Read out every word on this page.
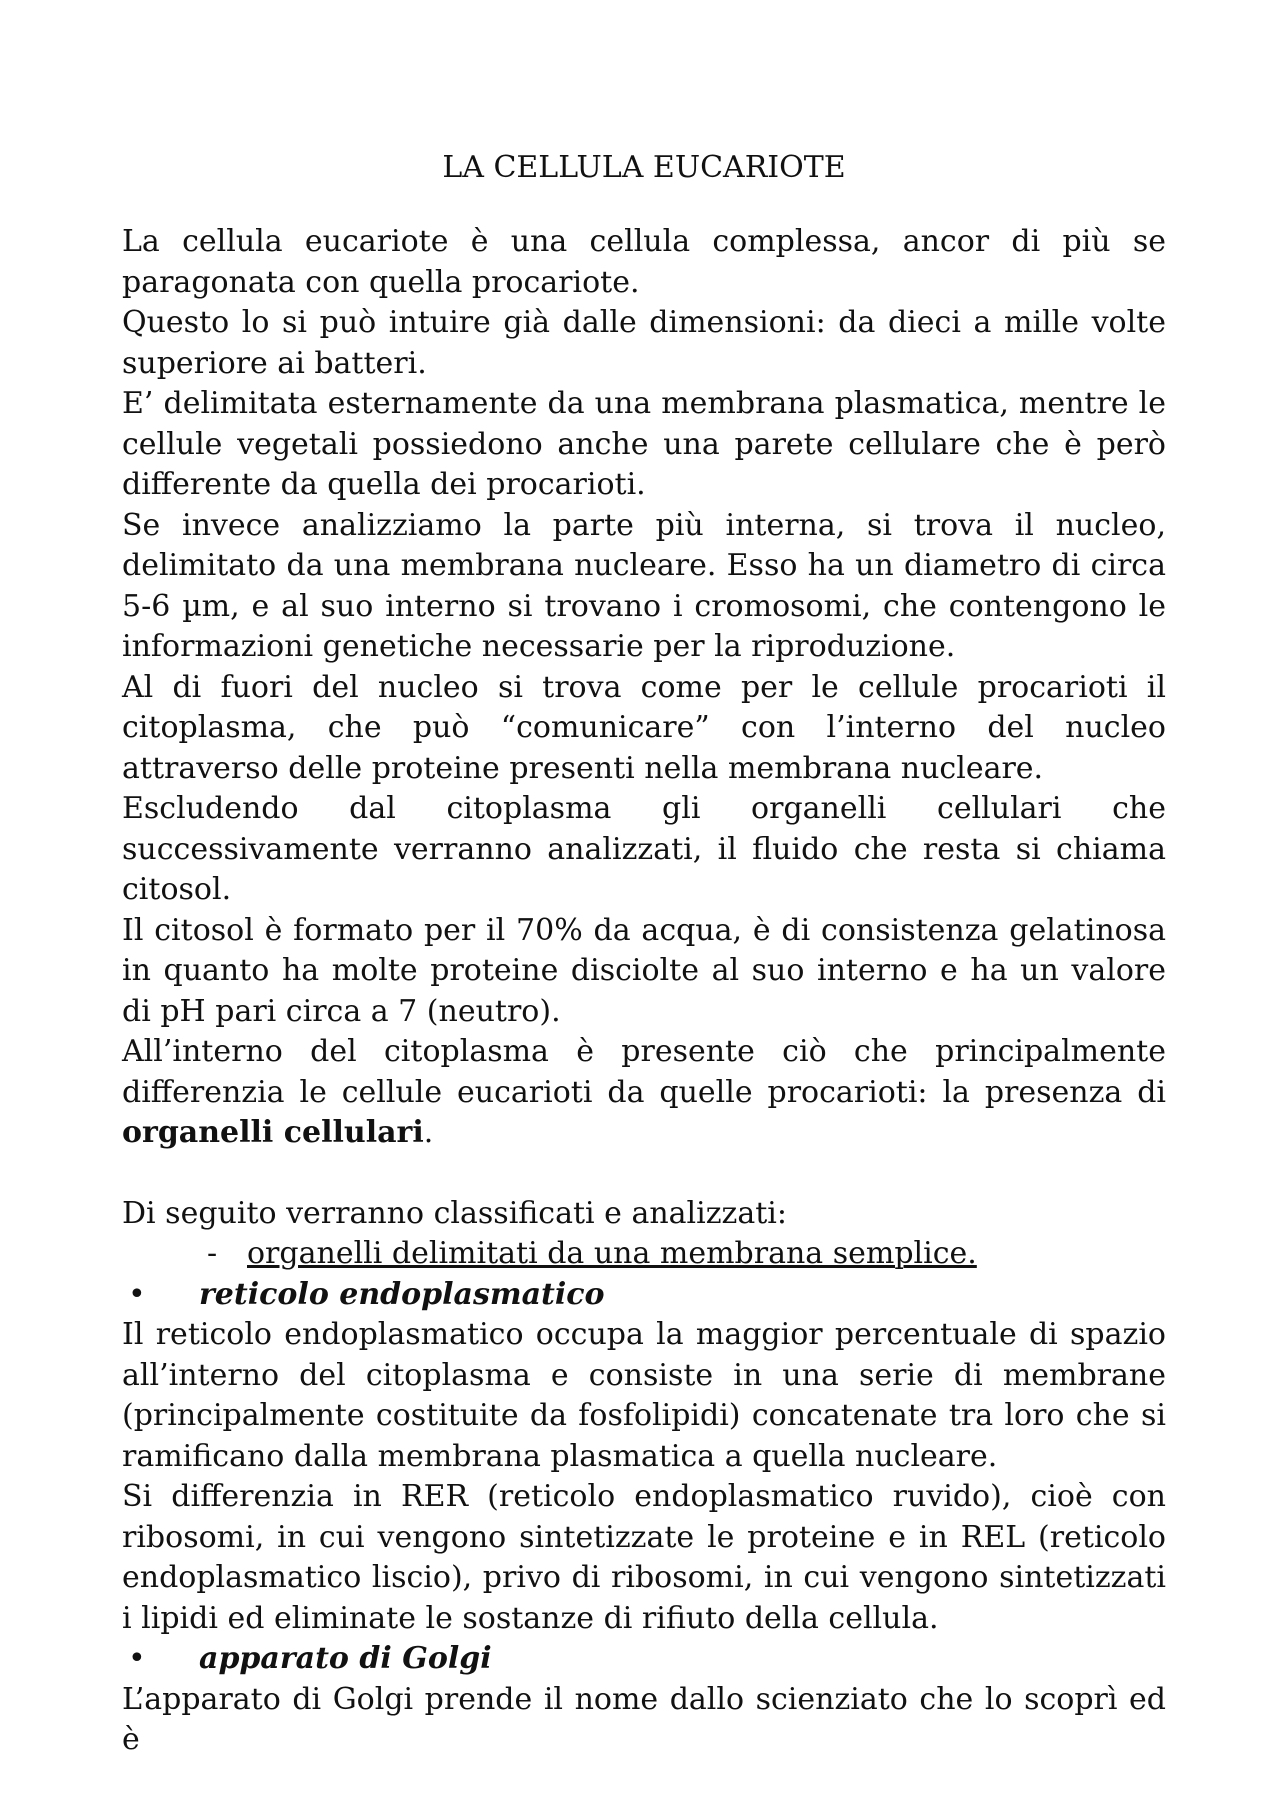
LA CELLULA EUCARIOTE

La cellula eucariote è una cellula complessa, ancor di più se paragonata con quella procariote.

Questo lo si può intuire già dalle dimensioni: da dieci a mille volte superiore ai batteri.

E’ delimitata esternamente da una membrana plasmatica, mentre le cellule vegetali possiedono anche una parete cellulare che è però differente da quella dei procarioti.

Se invece analizziamo la parte più interna, si trova il nucleo, delimitato da una membrana nucleare. Esso ha un diametro di circa 5-6 µm, e al suo interno si trovano i cromosomi, che contengono le informazioni genetiche necessarie per la riproduzione.

Al di fuori del nucleo si trova come per le cellule procarioti il citoplasma, che può “comunicare” con l’interno del nucleo attraverso delle proteine presenti nella membrana nucleare.

Escludendo dal citoplasma gli organelli cellulari che successivamente verranno analizzati, il fluido che resta si chiama citosol.

Il citosol è formato per il 70% da acqua, è di consistenza gelatinosa in quanto ha molte proteine disciolte al suo interno e ha un valore di pH pari circa a 7 (neutro).

All’interno del citoplasma è presente ciò che principalmente differenzia le cellule eucarioti da quelle procarioti: la presenza di organelli cellulari.

Di seguito verranno classificati e analizzati:

- organelli delimitati da una membrana semplice.

• reticolo endoplasmatico

Il reticolo endoplasmatico occupa la maggior percentuale di spazio all’interno del citoplasma e consiste in una serie di membrane (principalmente costituite da fosfolipidi) concatenate tra loro che si ramificano dalla membrana plasmatica a quella nucleare.

Si differenzia in RER (reticolo endoplasmatico ruvido), cioè con ribosomi, in cui vengono sintetizzate le proteine e in REL (reticolo endoplasmatico liscio), privo di ribosomi, in cui vengono sintetizzati i lipidi ed eliminate le sostanze di rifiuto della cellula.

• apparato di Golgi

L’apparato di Golgi prende il nome dallo scienziato che lo scoprì ed è
